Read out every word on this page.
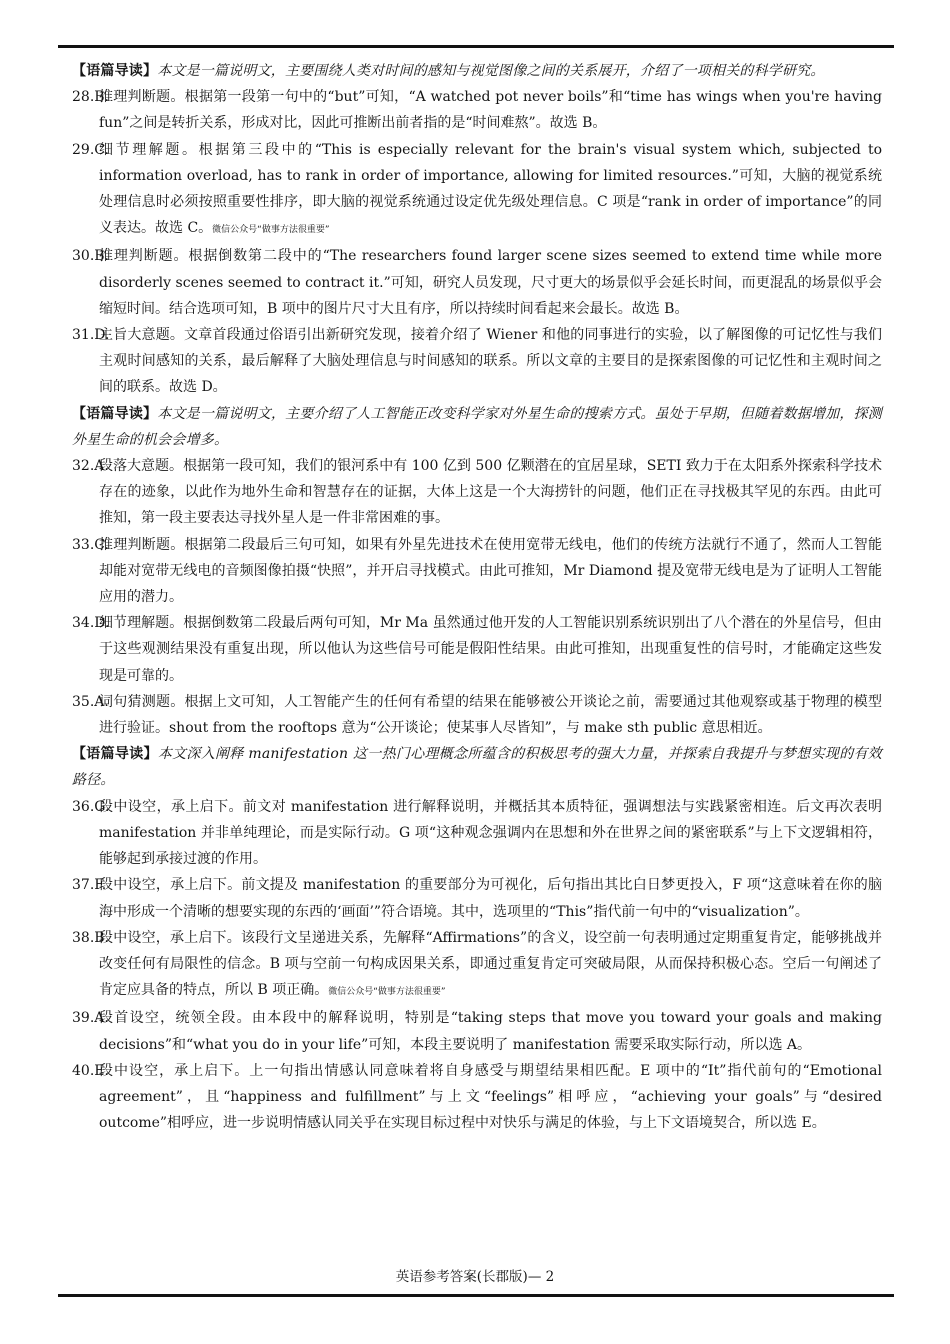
【语篇导读】本文是一篇说明文，主要围绕人类对时间的感知与视觉图像之间的关系展开，介绍了一项相关的科学研究。

28.B.
推理判断题。根据第一段第一句中的“but”可知，“A watched pot never boils”和“time has wings when you're having fun”之间是转折关系，形成对比，因此可推断出前者指的是“时间难熬”。故选 B。

29.C.
细节理解题。根据第三段中的“This is especially relevant for the brain's visual system which, subjected to information overload, has to rank in order of importance, allowing for limited resources.”可知，大脑的视觉系统处理信息时必须按照重要性排序，即大脑的视觉系统通过设定优先级处理信息。C 项是“rank in order of importance”的同义表达。故选 C。微信公众号“做事方法很重要”

30.B.
推理判断题。根据倒数第二段中的“The researchers found larger scene sizes seemed to extend time while more disorderly scenes seemed to contract it.”可知，研究人员发现，尺寸更大的场景似乎会延长时间，而更混乱的场景似乎会缩短时间。结合选项可知，B 项中的图片尺寸大且有序，所以持续时间看起来会最长。故选 B。

31.D.
主旨大意题。文章首段通过俗语引出新研究发现，接着介绍了 Wiener 和他的同事进行的实验，以了解图像的可记忆性与我们主观时间感知的关系，最后解释了大脑处理信息与时间感知的联系。所以文章的主要目的是探索图像的可记忆性和主观时间之间的联系。故选 D。

【语篇导读】本文是一篇说明文，主要介绍了人工智能正改变科学家对外星生命的搜索方式。虽处于早期，但随着数据增加，探测外星生命的机会会增多。

32.A.
段落大意题。根据第一段可知，我们的银河系中有 100 亿到 500 亿颗潜在的宜居星球，SETI 致力于在太阳系外探索科学技术存在的迹象，以此作为地外生命和智慧存在的证据，大体上这是一个大海捞针的问题，他们正在寻找极其罕见的东西。由此可推知，第一段主要表达寻找外星人是一件非常困难的事。

33.C.
推理判断题。根据第二段最后三句可知，如果有外星先进技术在使用宽带无线电，他们的传统方法就行不通了，然而人工智能却能对宽带无线电的音频图像拍摄“快照”，并开启寻找模式。由此可推知，Mr Diamond 提及宽带无线电是为了证明人工智能应用的潜力。

34.D.
细节理解题。根据倒数第二段最后两句可知，Mr Ma 虽然通过他开发的人工智能识别系统识别出了八个潜在的外星信号，但由于这些观测结果没有重复出现，所以他认为这些信号可能是假阳性结果。由此可推知，出现重复性的信号时，才能确定这些发现是可靠的。

35.A.
词句猜测题。根据上文可知，人工智能产生的任何有希望的结果在能够被公开谈论之前，需要通过其他观察或基于物理的模型进行验证。shout from the rooftops 意为“公开谈论；使某事人尽皆知”，与 make sth public 意思相近。

【语篇导读】本文深入阐释 manifestation 这一热门心理概念所蕴含的积极思考的强大力量，并探索自我提升与梦想实现的有效路径。

36.G.
段中设空，承上启下。前文对 manifestation 进行解释说明，并概括其本质特征，强调想法与实践紧密相连。后文再次表明 manifestation 并非单纯理论，而是实际行动。G 项“这种观念强调内在思想和外在世界之间的紧密联系”与上下文逻辑相符，能够起到承接过渡的作用。

37.F.
段中设空，承上启下。前文提及 manifestation 的重要部分为可视化，后句指出其比白日梦更投入，F 项“这意味着在你的脑海中形成一个清晰的想要实现的东西的‘画面’”符合语境。其中，选项里的“This”指代前一句中的“visualization”。

38.B.
段中设空，承上启下。该段行文呈递进关系，先解释“Affirmations”的含义，设空前一句表明通过定期重复肯定，能够挑战并改变任何有局限性的信念。B 项与空前一句构成因果关系，即通过重复肯定可突破局限，从而保持积极心态。空后一句阐述了肯定应具备的特点，所以 B 项正确。微信公众号“做事方法很重要”

39.A.
段首设空，统领全段。由本段中的解释说明，特别是“taking steps that move you toward your goals and making decisions”和“what you do in your life”可知，本段主要说明了 manifestation 需要采取实际行动，所以选 A。

40.E.
段中设空，承上启下。上一句指出情感认同意味着将自身感受与期望结果相匹配。E 项中的“It”指代前句的“Emotional agreement”，且“happiness and fulfillment”与上文“feelings”相呼应，“achieving your goals”与“desired outcome”相呼应，进一步说明情感认同关乎在实现目标过程中对快乐与满足的体验，与上下文语境契合，所以选 E。

英语参考答案(长郡版)— 2
